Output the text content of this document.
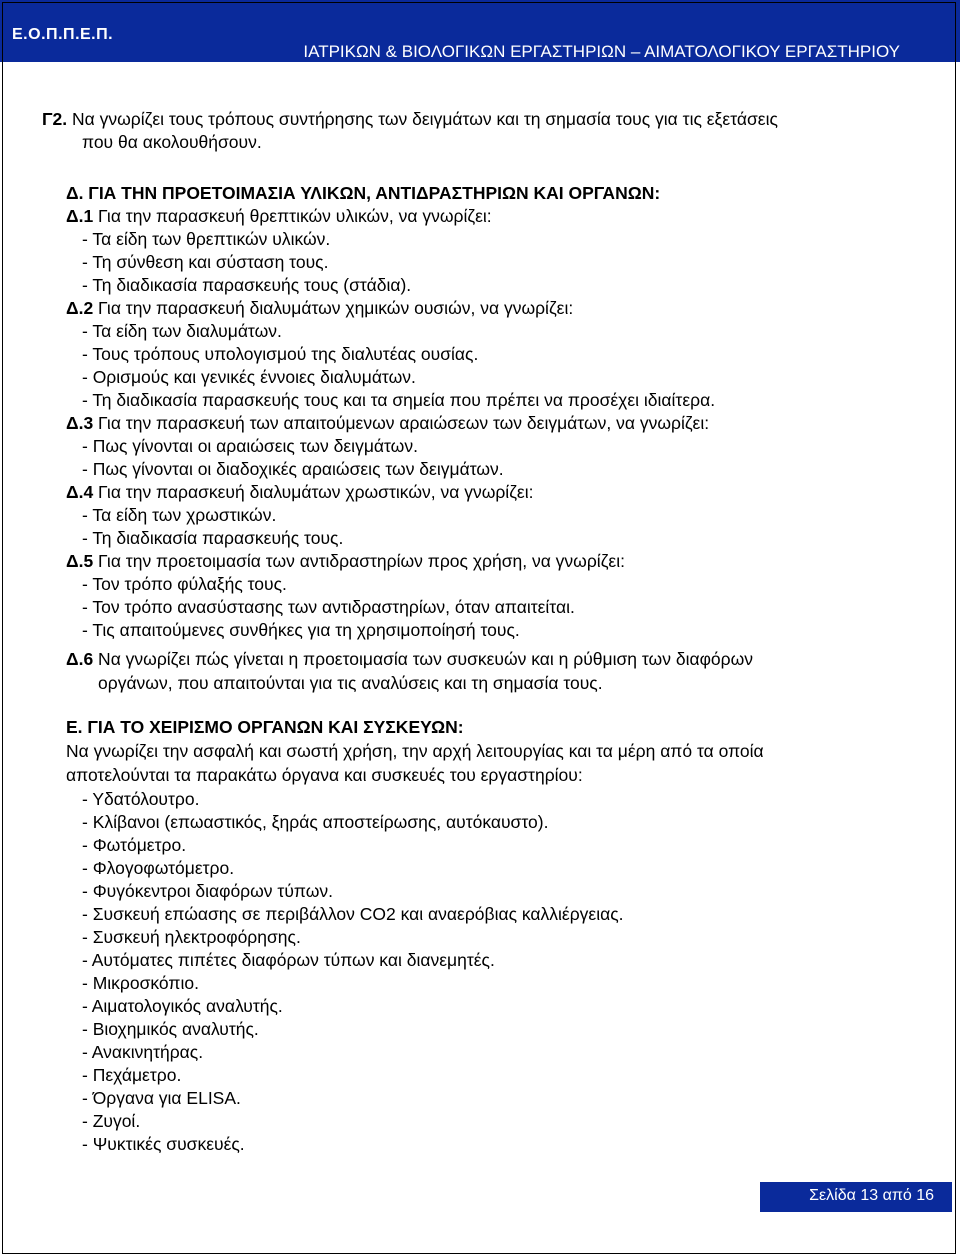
Ε.Ο.Π.Π.Ε.Π.
ΙΑΤΡΙΚΩΝ & ΒΙΟΛΟΓΙΚΩΝ ΕΡΓΑΣΤΗΡΙΩΝ – ΑΙΜΑΤΟΛΟΓΙΚΟΥ ΕΡΓΑΣΤΗΡΙΟΥ
Γ2. Να γνωρίζει τους τρόπους συντήρησης των δειγμάτων και τη σημασία τους για τις εξετάσεις
που θα ακολουθήσουν.
Δ. ΓΙΑ ΤΗΝ ΠΡΟΕΤΟΙΜΑΣΙΑ ΥΛΙΚΩΝ, ΑΝΤΙΔΡΑΣΤΗΡΙΩΝ ΚΑΙ ΟΡΓΑΝΩΝ:
Δ.1 Για την παρασκευή θρεπτικών υλικών, να γνωρίζει:
- Τα είδη των θρεπτικών υλικών.
- Τη σύνθεση και σύσταση τους.
- Τη διαδικασία παρασκευής τους (στάδια).
Δ.2 Για την παρασκευή διαλυμάτων χημικών ουσιών, να γνωρίζει:
- Τα είδη των διαλυμάτων.
- Τους τρόπους υπολογισμού της διαλυτέας ουσίας.
- Ορισμούς και γενικές έννοιες διαλυμάτων.
- Τη διαδικασία παρασκευής τους και τα σημεία που πρέπει να προσέχει ιδιαίτερα.
Δ.3 Για την παρασκευή των απαιτούμενων αραιώσεων των δειγμάτων, να γνωρίζει:
- Πως γίνονται οι αραιώσεις των δειγμάτων.
- Πως γίνονται οι διαδοχικές αραιώσεις των δειγμάτων.
Δ.4 Για την παρασκευή διαλυμάτων χρωστικών, να γνωρίζει:
- Τα είδη των χρωστικών.
- Τη διαδικασία παρασκευής τους.
Δ.5 Για την προετοιμασία των αντιδραστηρίων προς χρήση, να γνωρίζει:
- Τον τρόπο φύλαξής τους.
- Τον τρόπο ανασύστασης των αντιδραστηρίων, όταν απαιτείται.
- Τις απαιτούμενες συνθήκες για τη χρησιμοποίησή τους.
Δ.6 Να γνωρίζει πώς γίνεται η προετοιμασία των συσκευών και η ρύθμιση των διαφόρων
οργάνων, που απαιτούνται για τις αναλύσεις και τη σημασία τους.
Ε. ΓΙΑ ΤΟ ΧΕΙΡΙΣΜΟ ΟΡΓΑΝΩΝ ΚΑΙ ΣΥΣΚΕΥΩΝ:
Να γνωρίζει την ασφαλή και σωστή χρήση, την αρχή λειτουργίας και τα μέρη από τα οποία
αποτελούνται τα παρακάτω όργανα και συσκευές του εργαστηρίου:
- Υδατόλουτρο.
- Κλίβανοι (επωαστικός, ξηράς αποστείρωσης, αυτόκαυστο).
- Φωτόμετρο.
- Φλογοφωτόμετρο.
- Φυγόκεντροι διαφόρων τύπων.
- Συσκευή επώασης σε περιβάλλον CO2 και αναερόβιας καλλιέργειας.
- Συσκευή ηλεκτροφόρησης.
- Αυτόματες πιπέτες διαφόρων τύπων και διανεμητές.
- Μικροσκόπιο.
- Αιματολογικός αναλυτής.
- Βιοχημικός αναλυτής.
- Ανακινητήρας.
- Πεχάμετρο.
- Όργανα για ELISA.
- Ζυγοί.
- Ψυκτικές συσκευές.
Σελίδα 13 από 16
